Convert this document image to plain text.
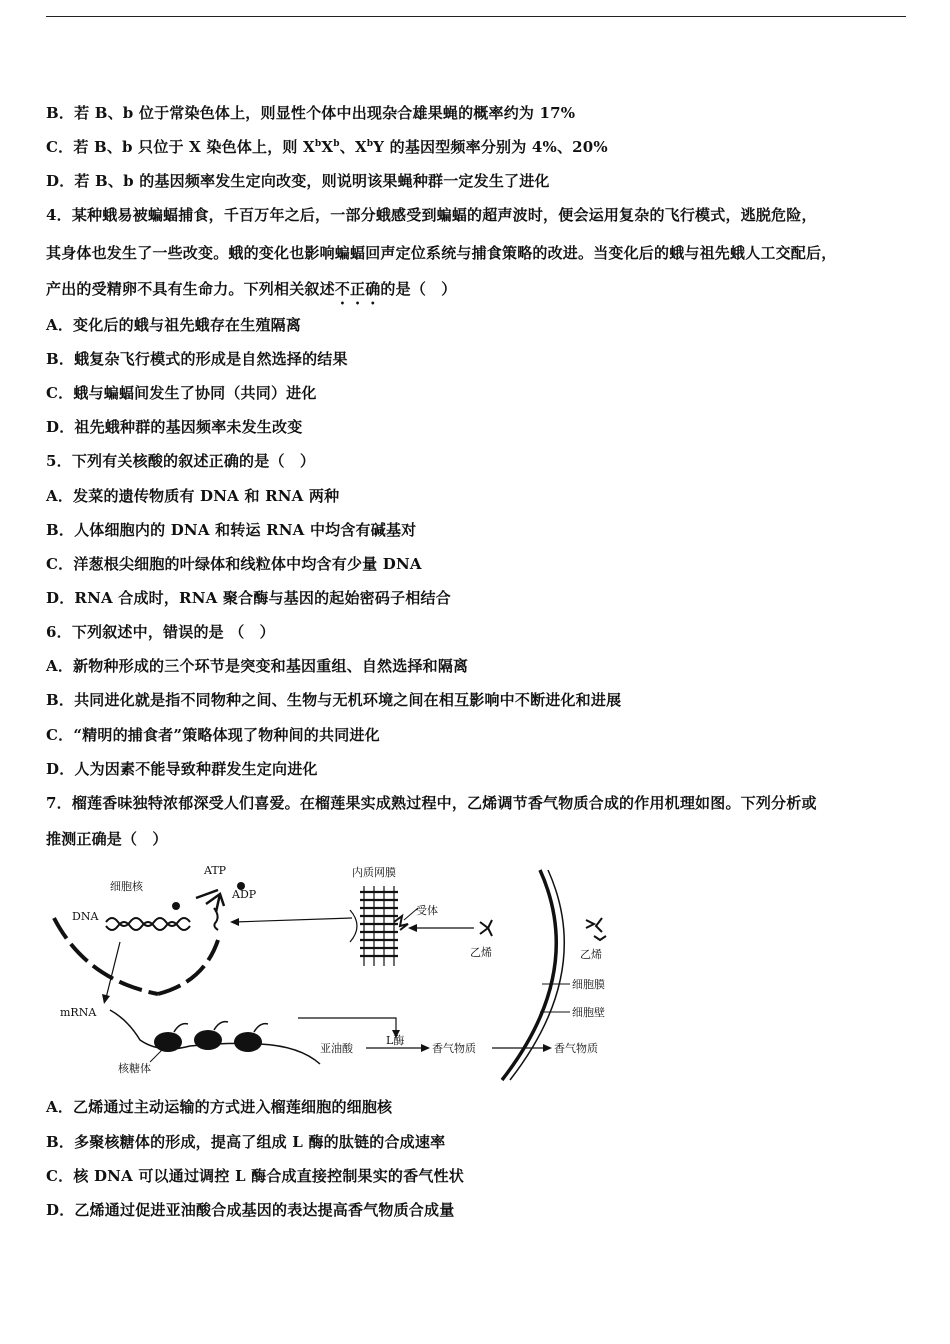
B．若 B、b 位于常染色体上，则显性个体中出现杂合雄果蝇的概率约为 17%
C．若 B、b 只位于 X 染色体上，则 $X^bX^b$、$X^bY$ 的基因型频率分别为 4%、20%
D．若 B、b 的基因频率发生定向改变，则说明该果蝇种群一定发生了进化
4．某种蛾易被蝙蝠捕食，千百万年之后，一部分蛾感受到蝙蝠的超声波时，便会运用复杂的飞行模式，逃脱危险，
其身体也发生了一些改变。蛾的变化也影响蝙蝠回声定位系统与捕食策略的改进。当变化后的蛾与祖先蛾人工交配后，
产出的受精卵不具有生命力。下列相关叙述不正确的是（　）
A．变化后的蛾与祖先蛾存在生殖隔离
B．蛾复杂飞行模式的形成是自然选择的结果
C．蛾与蝙蝠间发生了协同（共同）进化
D．祖先蛾种群的基因频率未发生改变
5．下列有关核酸的叙述正确的是（　）
A．发菜的遗传物质有 DNA 和 RNA 两种
B．人体细胞内的 DNA 和转运 RNA 中均含有碱基对
C．洋葱根尖细胞的叶绿体和线粒体中均含有少量 DNA
D．RNA 合成时，RNA 聚合酶与基因的起始密码子相结合
6．下列叙述中，错误的是 （　）
A．新物种形成的三个环节是突变和基因重组、自然选择和隔离
B．共同进化就是指不同物种之间、生物与无机环境之间在相互影响中不断进化和进展
C．“精明的捕食者”策略体现了物种间的共同进化
D．人为因素不能导致种群发生定向进化
7．榴莲香味独特浓郁深受人们喜爱。在榴莲果实成熟过程中，乙烯调节香气物质合成的作用机理如图。下列分析或
推测正确是（　）
ATP
ADP
细胞核
DNA
内质网膜
受体
乙烯	乙烯
细胞膜
细胞壁
mRNA
核糖体
L酶
亚油酸	香气物质	香气物质
A．乙烯通过主动运输的方式进入榴莲细胞的细胞核
B．多聚核糖体的形成，提高了组成 L 酶的肽链的合成速率
C．核 DNA 可以通过调控 L 酶合成直接控制果实的香气性状
D．乙烯通过促进亚油酸合成基因的表达提高香气物质合成量
